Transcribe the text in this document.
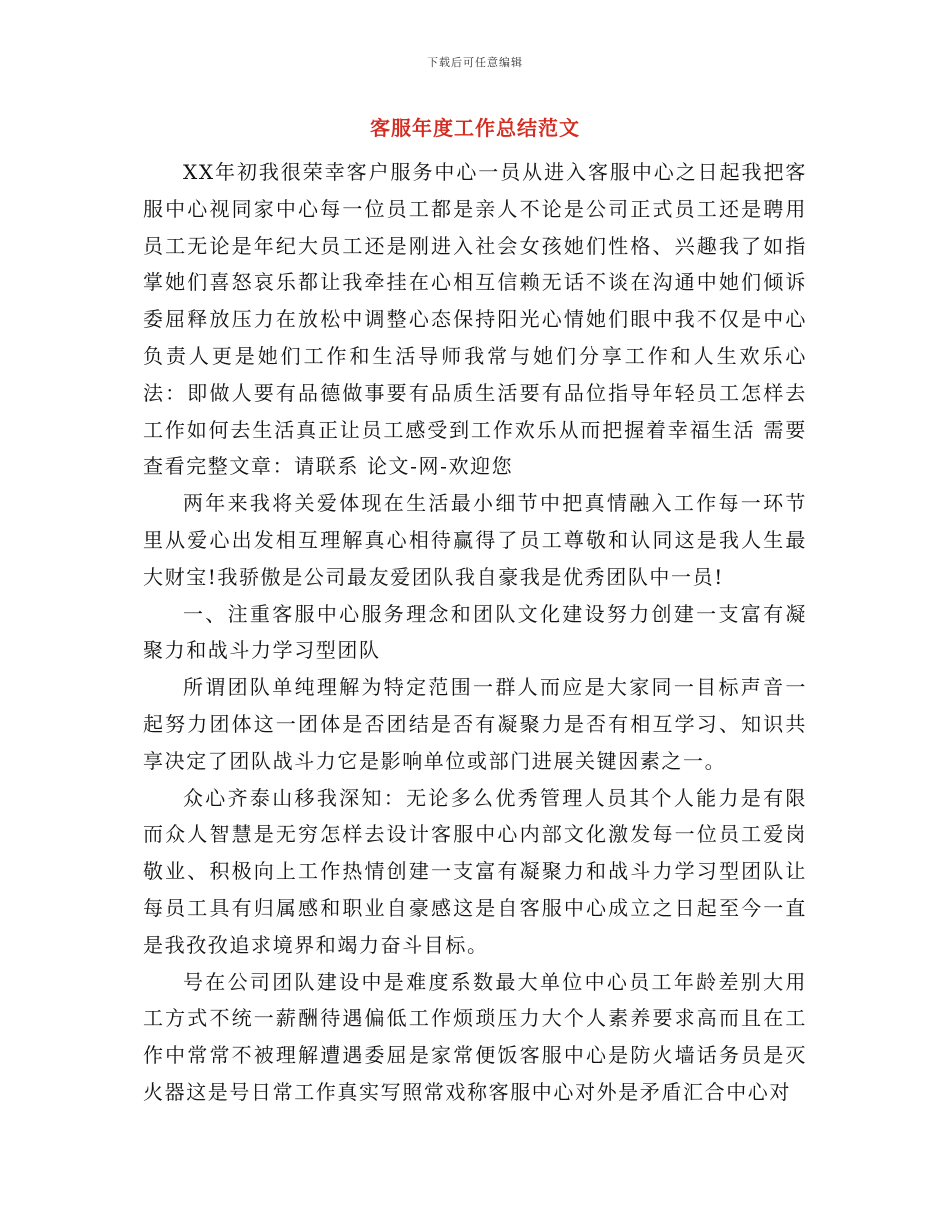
下载后可任意编辑
客服年度工作总结范文

XX年初我很荣幸客户服务中心一员从进入客服中心之日起我把客服中心视同家中心每一位员工都是亲人不论是公司正式员工还是聘用员工无论是年纪大员工还是刚进入社会女孩她们性格、兴趣我了如指掌她们喜怒哀乐都让我牵挂在心相互信赖无话不谈在沟通中她们倾诉委屈释放压力在放松中调整心态保持阳光心情她们眼中我不仅是中心负责人更是她们工作和生活导师我常与她们分享工作和人生欢乐心法：即做人要有品德做事要有品质生活要有品位指导年轻员工怎样去工作如何去生活真正让员工感受到工作欢乐从而把握着幸福生活 需要查看完整文章：请联系 论文-网-欢迎您

两年来我将关爱体现在生活最小细节中把真情融入工作每一环节里从爱心出发相互理解真心相待赢得了员工尊敬和认同这是我人生最大财宝!我骄傲是公司最友爱团队我自豪我是优秀团队中一员!

一、注重客服中心服务理念和团队文化建设努力创建一支富有凝聚力和战斗力学习型团队

所谓团队单纯理解为特定范围一群人而应是大家同一目标声音一起努力团体这一团体是否团结是否有凝聚力是否有相互学习、知识共享决定了团队战斗力它是影响单位或部门进展关键因素之一。

众心齐泰山移我深知：无论多么优秀管理人员其个人能力是有限而众人智慧是无穷怎样去设计客服中心内部文化激发每一位员工爱岗敬业、积极向上工作热情创建一支富有凝聚力和战斗力学习型团队让每员工具有归属感和职业自豪感这是自客服中心成立之日起至今一直是我孜孜追求境界和竭力奋斗目标。

号在公司团队建设中是难度系数最大单位中心员工年龄差别大用工方式不统一薪酬待遇偏低工作烦琐压力大个人素养要求高而且在工作中常常不被理解遭遇委屈是家常便饭客服中心是防火墙话务员是灭火器这是号日常工作真实写照常戏称客服中心对外是矛盾汇合中心对
